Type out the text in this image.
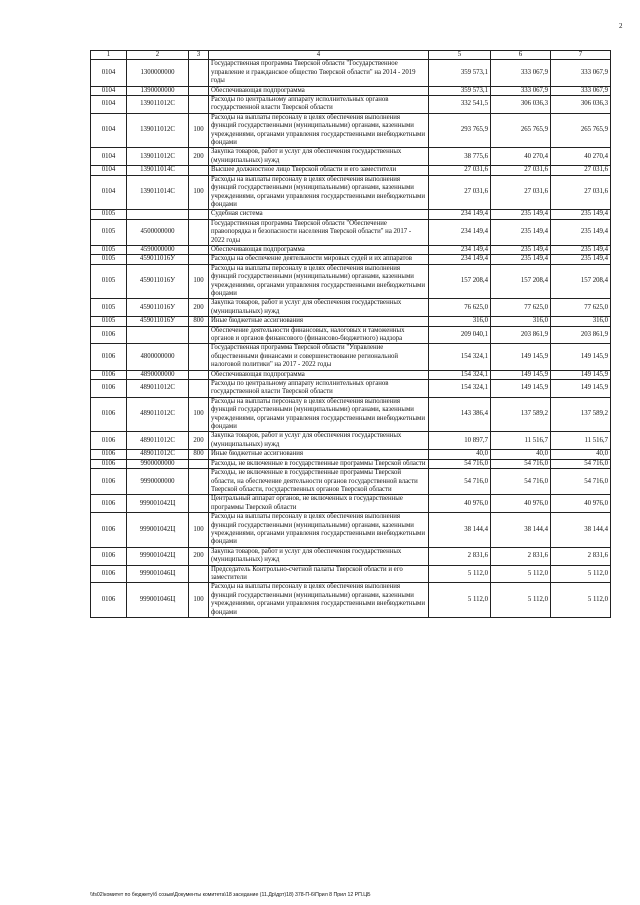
2
1	2	3	4	5	6	7
0104	1300000000		Государственная программа Тверской области "Государственное управление и гражданское общество Тверской области" на 2014 - 2019 годы	359 573,1	333 067,9	333 067,9
0104	1390000000		Обеспечивающая подпрограмма	359 573,1	333 067,9	333 067,9
0104	139011012С		Расходы по центральному аппарату исполнительных органов государственной власти Тверской области	332 541,5	306 036,3	306 036,3
0104	139011012С	100	Расходы на выплаты персоналу в целях обеспечения выполнения функций государственными (муниципальными) органами, казенными учреждениями, органами управления государственными внебюджетными фондами	293 765,9	265 765,9	265 765,9
0104	139011012С	200	Закупка товаров, работ и услуг для обеспечения государственных (муниципальных) нужд	38 775,6	40 270,4	40 270,4
0104	139011014С		Высшее должностное лицо Тверской области и его заместители	27 031,6	27 031,6	27 031,6
0104	139011014С	100	Расходы на выплаты персоналу в целях обеспечения выполнения функций государственными (муниципальными) органами, казенными учреждениями, органами управления государственными внебюджетными фондами	27 031,6	27 031,6	27 031,6
0105			Судебная система	234 149,4	235 149,4	235 149,4
0105	4500000000		Государственная программа Тверской области "Обеспечение правопорядка и безопасности населения Тверской области" на 2017 - 2022 годы	234 149,4	235 149,4	235 149,4
0105	4590000000		Обеспечивающая подпрограмма	234 149,4	235 149,4	235 149,4
0105	459011016У		Расходы на обеспечение деятельности мировых судей и их аппаратов	234 149,4	235 149,4	235 149,4
0105	459011016У	100	Расходы на выплаты персоналу в целях обеспечения выполнения функций государственными (муниципальными) органами, казенными учреждениями, органами управления государственными внебюджетными фондами	157 208,4	157 208,4	157 208,4
0105	459011016У	200	Закупка товаров, работ и услуг для обеспечения государственных (муниципальных) нужд	76 625,0	77 625,0	77 625,0
0105	459011016У	800	Иные бюджетные ассигнования	316,0	316,0	316,0
0106			Обеспечение деятельности финансовых, налоговых и таможенных органов и органов финансового (финансово-бюджетного) надзора	209 040,1	203 861,9	203 861,9
0106	4800000000		Государственная программа Тверской области "Управление общественными финансами и совершенствование региональной налоговой политики" на 2017 - 2022 годы	154 324,1	149 145,9	149 145,9
0106	4890000000		Обеспечивающая подпрограмма	154 324,1	149 145,9	149 145,9
0106	489011012С		Расходы по центральному аппарату исполнительных органов государственной власти Тверской области	154 324,1	149 145,9	149 145,9
0106	489011012С	100	Расходы на выплаты персоналу в целях обеспечения выполнения функций государственными (муниципальными) органами, казенными учреждениями, органами управления государственными внебюджетными фондами	143 386,4	137 589,2	137 589,2
0106	489011012С	200	Закупка товаров, работ и услуг для обеспечения государственных (муниципальных) нужд	10 897,7	11 516,7	11 516,7
0106	489011012С	800	Иные бюджетные ассигнования	40,0	40,0	40,0
0106	9900000000		Расходы, не включенные в государственные программы Тверской области	54 716,0	54 716,0	54 716,0
0106	9990000000		Расходы, не включенные в государственные программы Тверской области, на обеспечение деятельности органов государственной власти Тверской области, государственных органов Тверской области	54 716,0	54 716,0	54 716,0
0106	999001042Ц		Центральный аппарат органов, не включенных в государственные программы Тверской области	40 976,0	40 976,0	40 976,0
0106	999001042Ц	100	Расходы на выплаты персоналу в целях обеспечения выполнения функций государственными (муниципальными) органами, казенными учреждениями, органами управления государственными внебюджетными фондами	38 144,4	38 144,4	38 144,4
0106	999001042Ц	200	Закупка товаров, работ и услуг для обеспечения государственных (муниципальных) нужд	2 831,6	2 831,6	2 831,6
0106	999001046Ц		Председатель Контрольно-счетной палаты Тверской области и его заместители	5 112,0	5 112,0	5 112,0
0106	999001046Ц	100	Расходы на выплаты персоналу в целях обеспечения выполнения функций государственными (муниципальными) органами, казенными учреждениями, органами управления государственными внебюджетными фондами	5 112,0	5 112,0	5 112,0
\\fs02\комитет по бюджету\б созыв\Документы комитета\18 заседание (11.Др\дрт)18) 378-П-6\Прил 8 Прил 12 РП.ЦБ
